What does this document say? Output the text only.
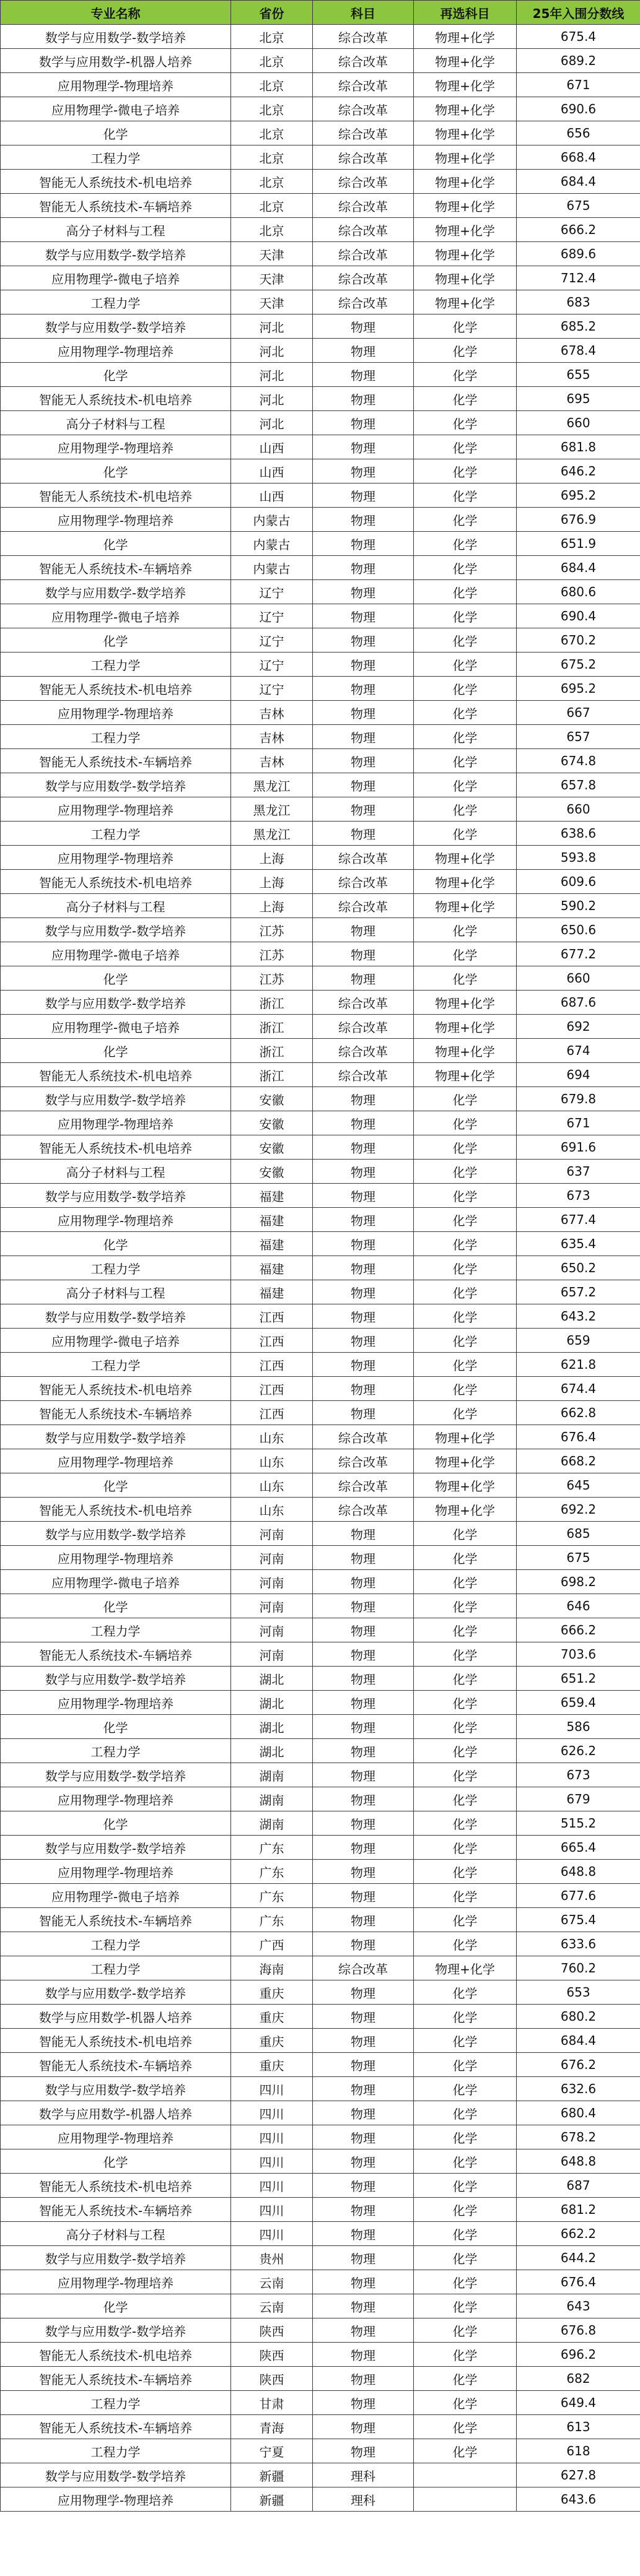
专业名称	省份	科目	再选科目	25年入围分数线
数学与应用数学-数学培养	北京	综合改革	物理+化学	675.4
数学与应用数学-机器人培养	北京	综合改革	物理+化学	689.2
应用物理学-物理培养	北京	综合改革	物理+化学	671
应用物理学-微电子培养	北京	综合改革	物理+化学	690.6
化学	北京	综合改革	物理+化学	656
工程力学	北京	综合改革	物理+化学	668.4
智能无人系统技术-机电培养	北京	综合改革	物理+化学	684.4
智能无人系统技术-车辆培养	北京	综合改革	物理+化学	675
高分子材料与工程	北京	综合改革	物理+化学	666.2
数学与应用数学-数学培养	天津	综合改革	物理+化学	689.6
应用物理学-微电子培养	天津	综合改革	物理+化学	712.4
工程力学	天津	综合改革	物理+化学	683
数学与应用数学-数学培养	河北	物理	化学	685.2
应用物理学-物理培养	河北	物理	化学	678.4
化学	河北	物理	化学	655
智能无人系统技术-机电培养	河北	物理	化学	695
高分子材料与工程	河北	物理	化学	660
应用物理学-物理培养	山西	物理	化学	681.8
化学	山西	物理	化学	646.2
智能无人系统技术-机电培养	山西	物理	化学	695.2
应用物理学-物理培养	内蒙古	物理	化学	676.9
化学	内蒙古	物理	化学	651.9
智能无人系统技术-车辆培养	内蒙古	物理	化学	684.4
数学与应用数学-数学培养	辽宁	物理	化学	680.6
应用物理学-微电子培养	辽宁	物理	化学	690.4
化学	辽宁	物理	化学	670.2
工程力学	辽宁	物理	化学	675.2
智能无人系统技术-机电培养	辽宁	物理	化学	695.2
应用物理学-物理培养	吉林	物理	化学	667
工程力学	吉林	物理	化学	657
智能无人系统技术-车辆培养	吉林	物理	化学	674.8
数学与应用数学-数学培养	黑龙江	物理	化学	657.8
应用物理学-物理培养	黑龙江	物理	化学	660
工程力学	黑龙江	物理	化学	638.6
应用物理学-物理培养	上海	综合改革	物理+化学	593.8
智能无人系统技术-机电培养	上海	综合改革	物理+化学	609.6
高分子材料与工程	上海	综合改革	物理+化学	590.2
数学与应用数学-数学培养	江苏	物理	化学	650.6
应用物理学-微电子培养	江苏	物理	化学	677.2
化学	江苏	物理	化学	660
数学与应用数学-数学培养	浙江	综合改革	物理+化学	687.6
应用物理学-微电子培养	浙江	综合改革	物理+化学	692
化学	浙江	综合改革	物理+化学	674
智能无人系统技术-机电培养	浙江	综合改革	物理+化学	694
数学与应用数学-数学培养	安徽	物理	化学	679.8
应用物理学-物理培养	安徽	物理	化学	671
智能无人系统技术-机电培养	安徽	物理	化学	691.6
高分子材料与工程	安徽	物理	化学	637
数学与应用数学-数学培养	福建	物理	化学	673
应用物理学-物理培养	福建	物理	化学	677.4
化学	福建	物理	化学	635.4
工程力学	福建	物理	化学	650.2
高分子材料与工程	福建	物理	化学	657.2
数学与应用数学-数学培养	江西	物理	化学	643.2
应用物理学-微电子培养	江西	物理	化学	659
工程力学	江西	物理	化学	621.8
智能无人系统技术-机电培养	江西	物理	化学	674.4
智能无人系统技术-车辆培养	江西	物理	化学	662.8
数学与应用数学-数学培养	山东	综合改革	物理+化学	676.4
应用物理学-物理培养	山东	综合改革	物理+化学	668.2
化学	山东	综合改革	物理+化学	645
智能无人系统技术-机电培养	山东	综合改革	物理+化学	692.2
数学与应用数学-数学培养	河南	物理	化学	685
应用物理学-物理培养	河南	物理	化学	675
应用物理学-微电子培养	河南	物理	化学	698.2
化学	河南	物理	化学	646
工程力学	河南	物理	化学	666.2
智能无人系统技术-车辆培养	河南	物理	化学	703.6
数学与应用数学-数学培养	湖北	物理	化学	651.2
应用物理学-物理培养	湖北	物理	化学	659.4
化学	湖北	物理	化学	586
工程力学	湖北	物理	化学	626.2
数学与应用数学-数学培养	湖南	物理	化学	673
应用物理学-物理培养	湖南	物理	化学	679
化学	湖南	物理	化学	515.2
数学与应用数学-数学培养	广东	物理	化学	665.4
应用物理学-物理培养	广东	物理	化学	648.8
应用物理学-微电子培养	广东	物理	化学	677.6
智能无人系统技术-车辆培养	广东	物理	化学	675.4
工程力学	广西	物理	化学	633.6
工程力学	海南	综合改革	物理+化学	760.2
数学与应用数学-数学培养	重庆	物理	化学	653
数学与应用数学-机器人培养	重庆	物理	化学	680.2
智能无人系统技术-机电培养	重庆	物理	化学	684.4
智能无人系统技术-车辆培养	重庆	物理	化学	676.2
数学与应用数学-数学培养	四川	物理	化学	632.6
数学与应用数学-机器人培养	四川	物理	化学	680.4
应用物理学-物理培养	四川	物理	化学	678.2
化学	四川	物理	化学	648.8
智能无人系统技术-机电培养	四川	物理	化学	687
智能无人系统技术-车辆培养	四川	物理	化学	681.2
高分子材料与工程	四川	物理	化学	662.2
数学与应用数学-数学培养	贵州	物理	化学	644.2
应用物理学-物理培养	云南	物理	化学	676.4
化学	云南	物理	化学	643
数学与应用数学-数学培养	陕西	物理	化学	676.8
智能无人系统技术-机电培养	陕西	物理	化学	696.2
智能无人系统技术-车辆培养	陕西	物理	化学	682
工程力学	甘肃	物理	化学	649.4
智能无人系统技术-车辆培养	青海	物理	化学	613
工程力学	宁夏	物理	化学	618
数学与应用数学-数学培养	新疆	理科		627.8
应用物理学-物理培养	新疆	理科		643.6
